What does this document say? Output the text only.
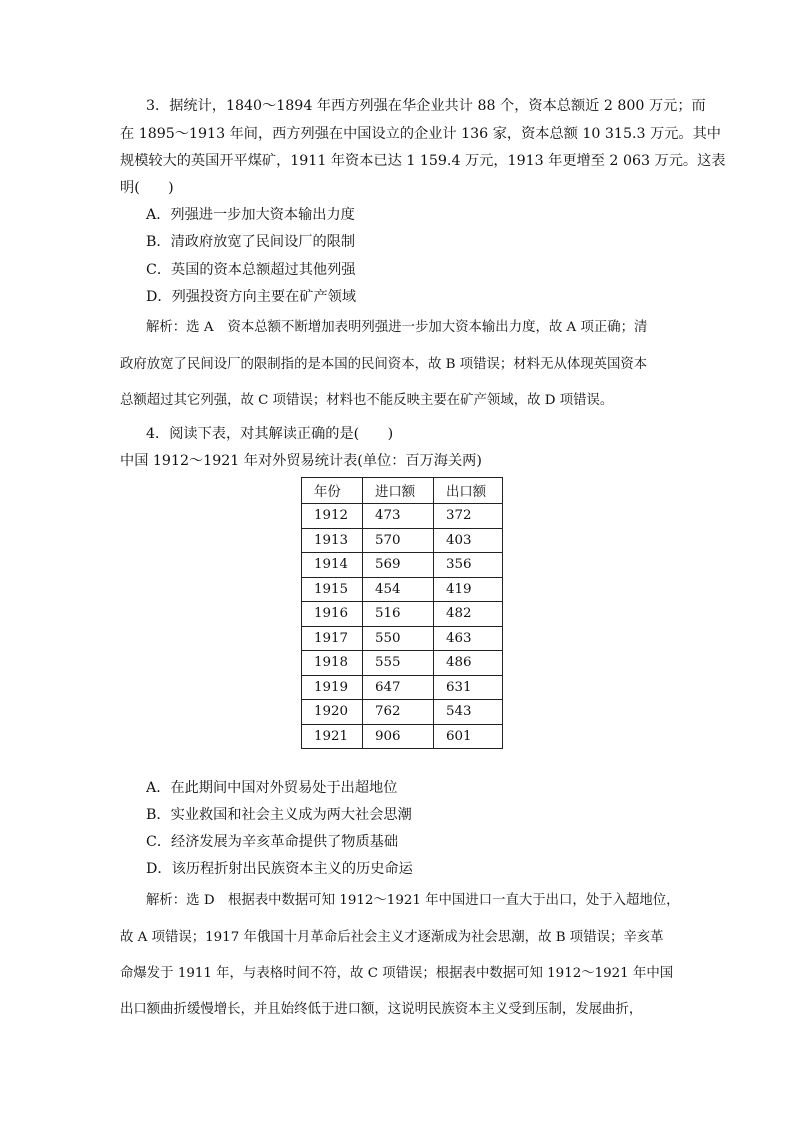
3．据统计，1840～1894 年西方列强在华企业共计 88 个，资本总额近 2 800 万元；而
在 1895～1913 年间，西方列强在中国设立的企业计 136 家，资本总额 10 315.3 万元。其中
规模较大的英国开平煤矿，1911 年资本已达 1 159.4 万元，1913 年更增至 2 063 万元。这表
明(　　)
A．列强进一步加大资本输出力度
B．清政府放宽了民间设厂的限制
C．英国的资本总额超过其他列强
D．列强投资方向主要在矿产领域
解析：选 A 资本总额不断增加表明列强进一步加大资本输出力度，故 A 项正确；清
政府放宽了民间设厂的限制指的是本国的民间资本，故 B 项错误；材料无从体现英国资本
总额超过其它列强，故 C 项错误；材料也不能反映主要在矿产领域，故 D 项错误。
4．阅读下表，对其解读正确的是(　　)
中国 1912～1921 年对外贸易统计表(单位：百万海关两)
年份	进口额	出口额
1912	473	372
1913	570	403
1914	569	356
1915	454	419
1916	516	482
1917	550	463
1918	555	486
1919	647	631
1920	762	543
1921	906	601
A．在此期间中国对外贸易处于出超地位
B．实业救国和社会主义成为两大社会思潮
C．经济发展为辛亥革命提供了物质基础
D．该历程折射出民族资本主义的历史命运
解析：选 D　根据表中数据可知 1912～1921 年中国进口一直大于出口，处于入超地位，
故 A 项错误；1917 年俄国十月革命后社会主义才逐渐成为社会思潮，故 B 项错误；辛亥革
命爆发于 1911 年，与表格时间不符，故 C 项错误；根据表中数据可知 1912～1921 年中国
出口额曲折缓慢增长，并且始终低于进口额，这说明民族资本主义受到压制，发展曲折，
